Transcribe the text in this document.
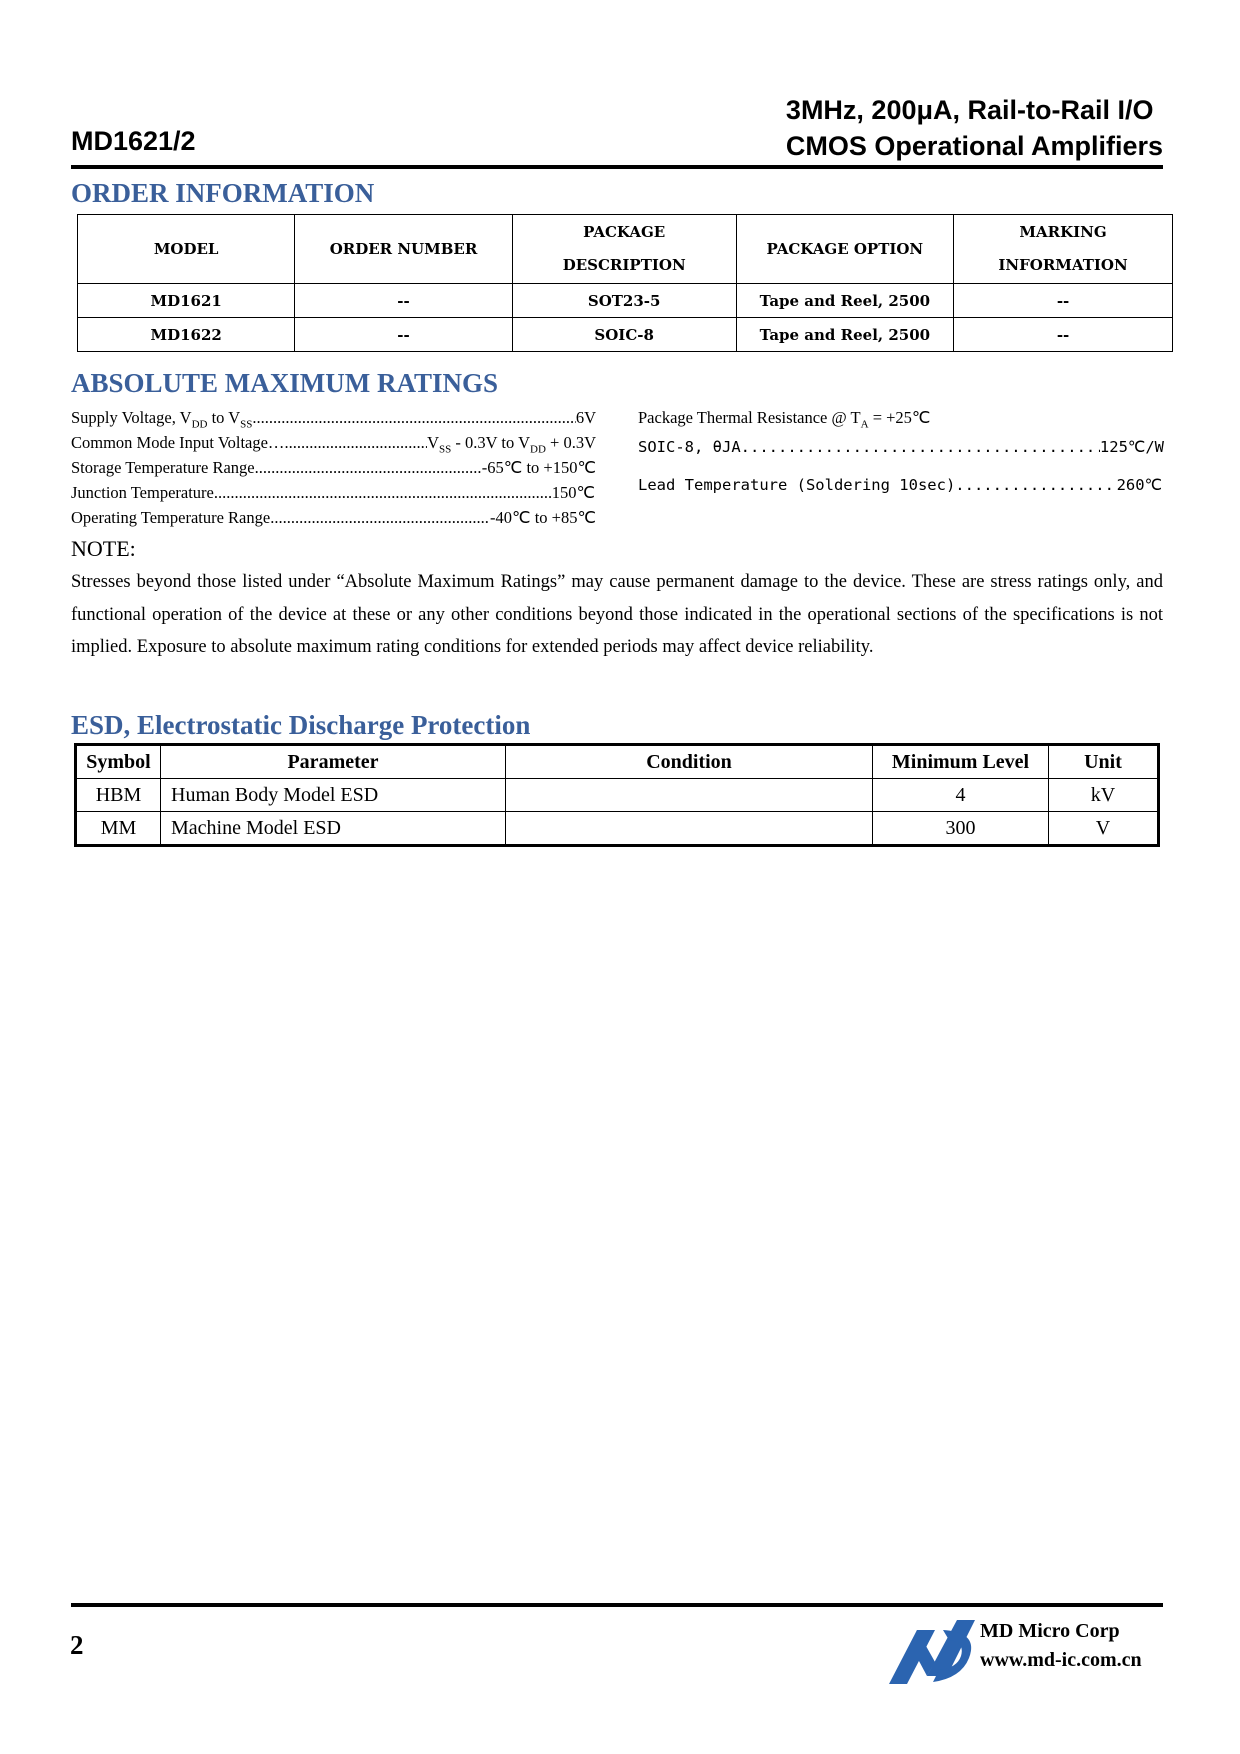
MD1621/2
3MHz, 200μA, Rail-to-Rail I/O
CMOS Operational Amplifiers
ORDER INFORMATION
MODEL	ORDER NUMBER	PACKAGE DESCRIPTION	PACKAGE OPTION	MARKING INFORMATION
MD1621	--	SOT23-5	Tape and Reel, 2500	--
MD1622	--	SOIC-8	Tape and Reel, 2500	--
ABSOLUTE MAXIMUM RATINGS
Supply Voltage, $V_{DD}$ to $V_{SS}$ .....	6V
Common Mode Input Voltage… .....	$V_{SS} - 0.3V$ to $V_{DD} + 0.3V$
Storage Temperature Range .....	-65℃ to +150℃
Junction Temperature .....	150℃
Operating Temperature Range .....	-40℃ to +85℃
Package Thermal Resistance @ $T_A$ = +25℃
SOIC-8, θJA .....	125℃/W
Lead Temperature (Soldering 10sec) .....	260℃
NOTE:
Stresses beyond those listed under “Absolute Maximum Ratings” may cause permanent damage to the device. These are stress ratings only, and functional operation of the device at these or any other conditions beyond those indicated in the operational sections of the specifications is not implied. Exposure to absolute maximum rating conditions for extended periods may affect device reliability.
ESD, Electrostatic Discharge Protection
Symbol	Parameter	Condition	Minimum Level	Unit
HBM	Human Body Model ESD		4	kV
MM	Machine Model ESD		300	V
2	MD Micro Corp
www.md-ic.com.cn
